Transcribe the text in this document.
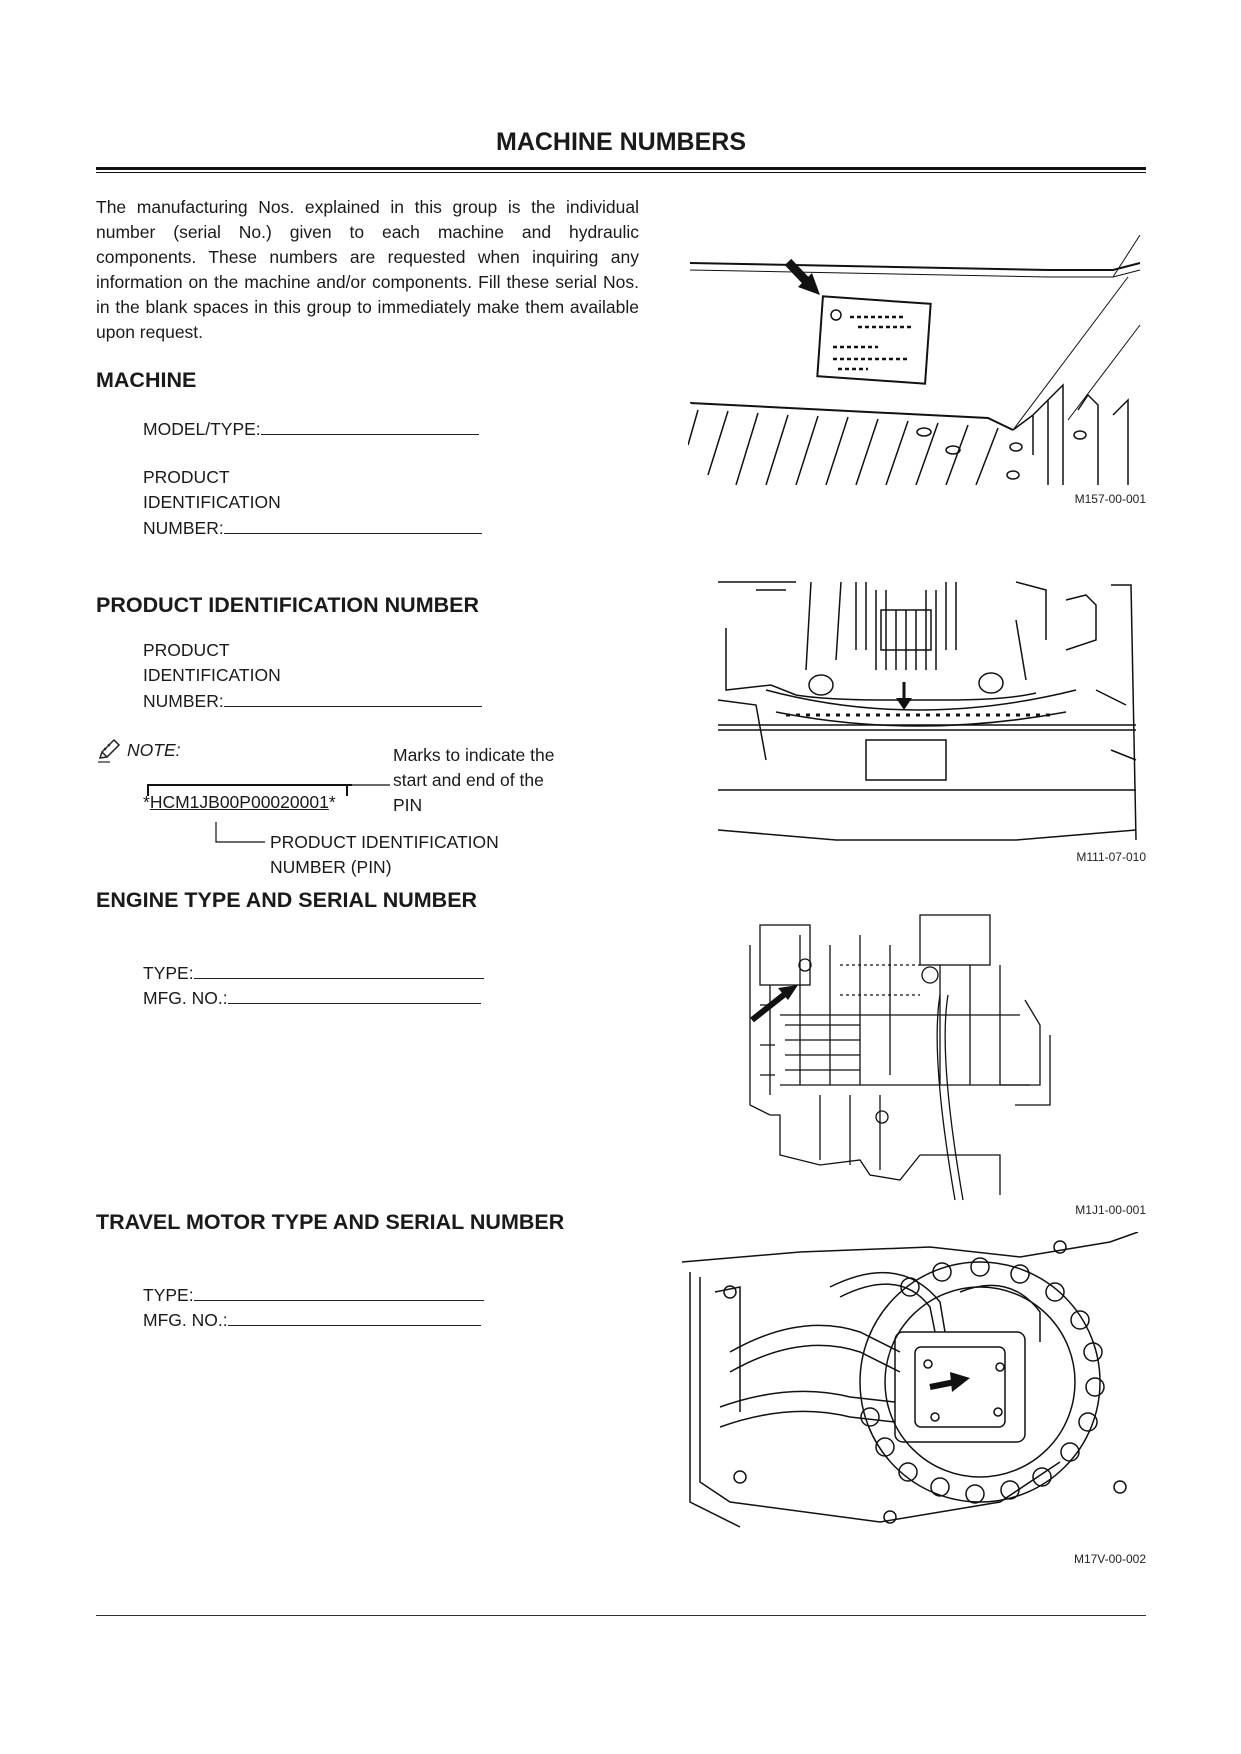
MACHINE NUMBERS
The manufacturing Nos. explained in this group is the individual number (serial No.) given to each machine and hydraulic components. These numbers are requested when inquiring any information on the machine and/or components. Fill these serial Nos. in the blank spaces in this group to immediately make them available upon request.
MACHINE
MODEL/TYPE:
PRODUCT
IDENTIFICATION
NUMBER:
PRODUCT IDENTIFICATION NUMBER
PRODUCT
IDENTIFICATION
NUMBER:
NOTE:	Marks to indicate the
start and end of the
PIN
*HCM1JB00P00020001*
PRODUCT IDENTIFICATION
NUMBER (PIN)
ENGINE TYPE AND SERIAL NUMBER
TYPE:
MFG. NO.:
TRAVEL MOTOR TYPE AND SERIAL NUMBER
TYPE:
MFG. NO.:
M157-00-001
M111-07-010
M1J1-00-001
M17V-00-002
